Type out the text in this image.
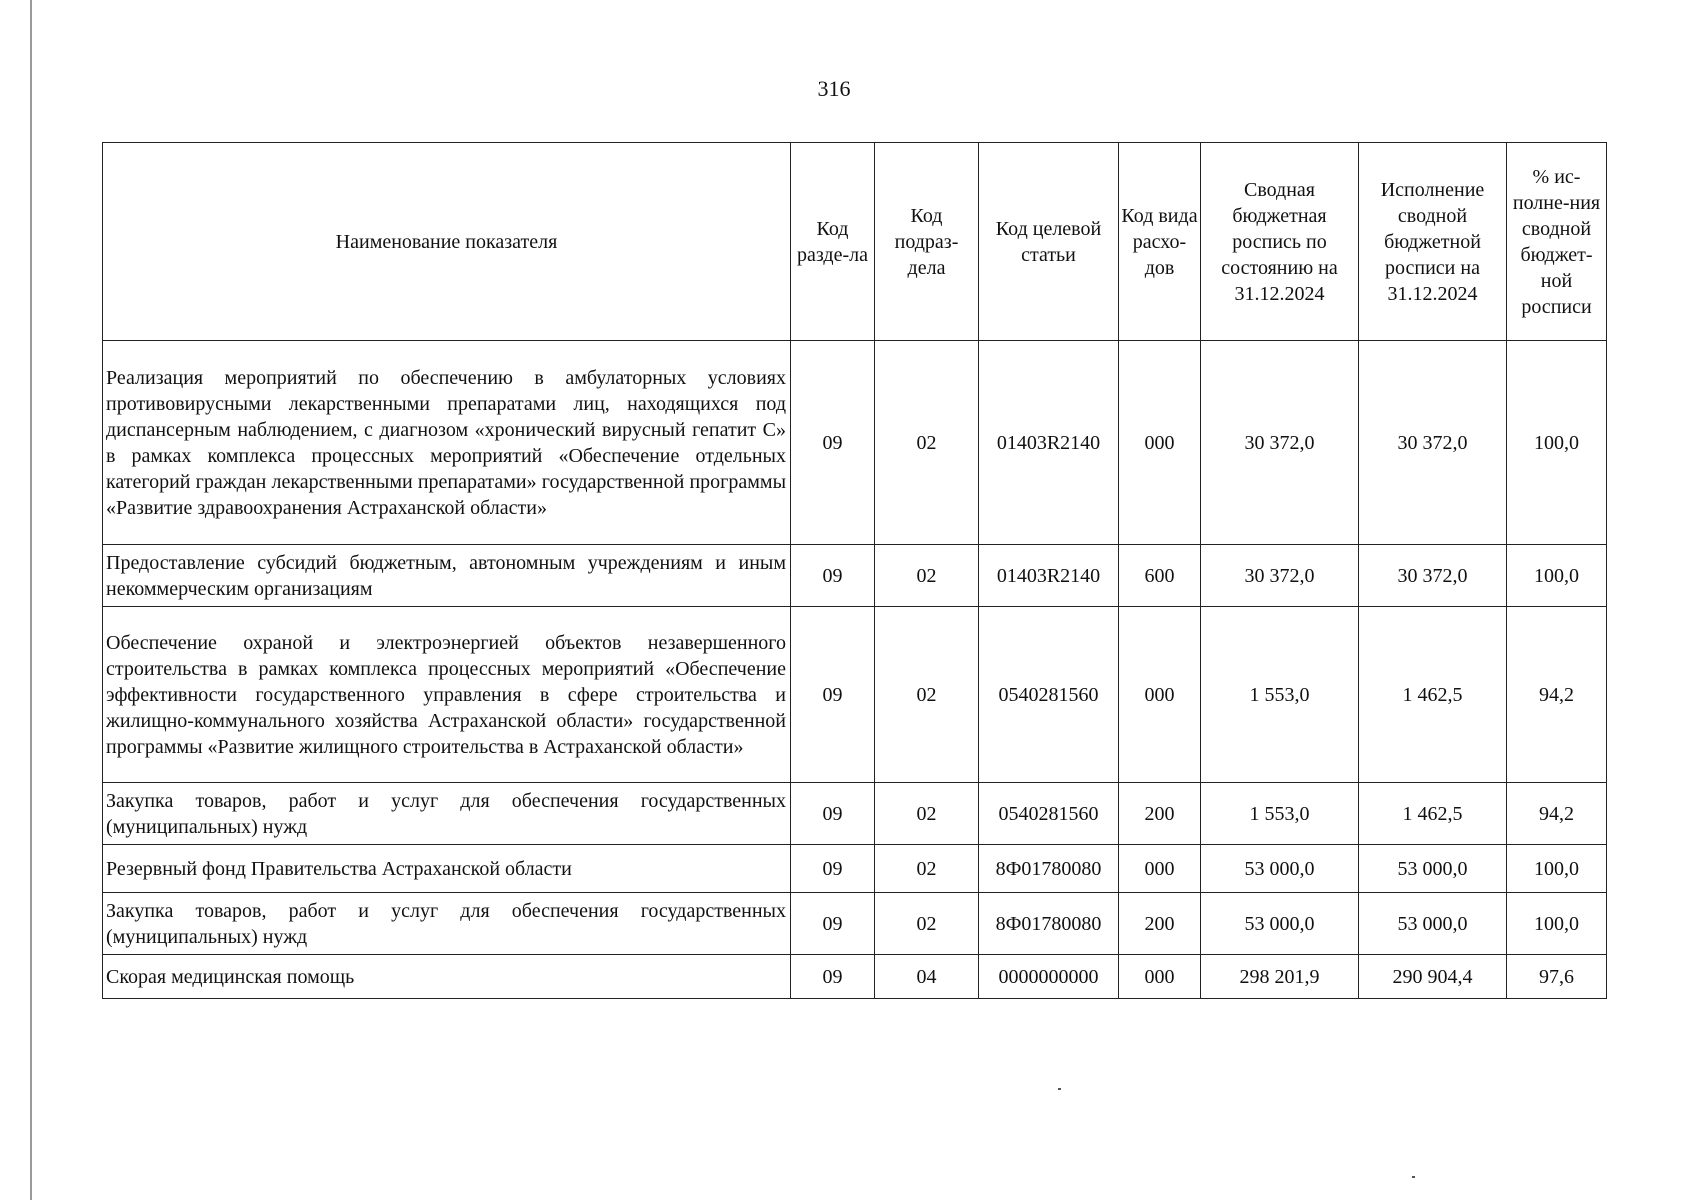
316
Наименование показателя	Код разде-ла	Код подраз-дела	Код целевой статьи	Код вида расхо-дов	Сводная бюджетная роспись по состоянию на 31.12.2024	Исполнение сводной бюджетной росписи на 31.12.2024	% ис-полне-ния сводной бюджет-ной росписи
Реализация мероприятий по обеспечению в амбулаторных условиях противовирусными лекарственными препаратами лиц, находящихся под диспансерным наблюдением, с диагнозом «хронический вирусный гепатит С» в рамках комплекса процессных мероприятий «Обеспечение отдельных категорий граждан лекарственными препаратами» государственной программы «Развитие здравоохранения Астраханской области»	09	02	01403R2140	000	30 372,0	30 372,0	100,0
Предоставление субсидий бюджетным, автономным учреждениям и иным некоммерческим организациям	09	02	01403R2140	600	30 372,0	30 372,0	100,0
Обеспечение охраной и электроэнергией объектов незавершенного строительства в рамках комплекса процессных мероприятий «Обеспечение эффективности государственного управления в сфере строительства и жилищно-коммунального хозяйства Астраханской области» государственной программы «Развитие жилищного строительства в Астраханской области»	09	02	0540281560	000	1 553,0	1 462,5	94,2
Закупка товаров, работ и услуг для обеспечения государственных (муниципальных) нужд	09	02	0540281560	200	1 553,0	1 462,5	94,2
Резервный фонд Правительства Астраханской области	09	02	8Ф01780080	000	53 000,0	53 000,0	100,0
Закупка товаров, работ и услуг для обеспечения государственных (муниципальных) нужд	09	02	8Ф01780080	200	53 000,0	53 000,0	100,0
Скорая медицинская помощь	09	04	0000000000	000	298 201,9	290 904,4	97,6
